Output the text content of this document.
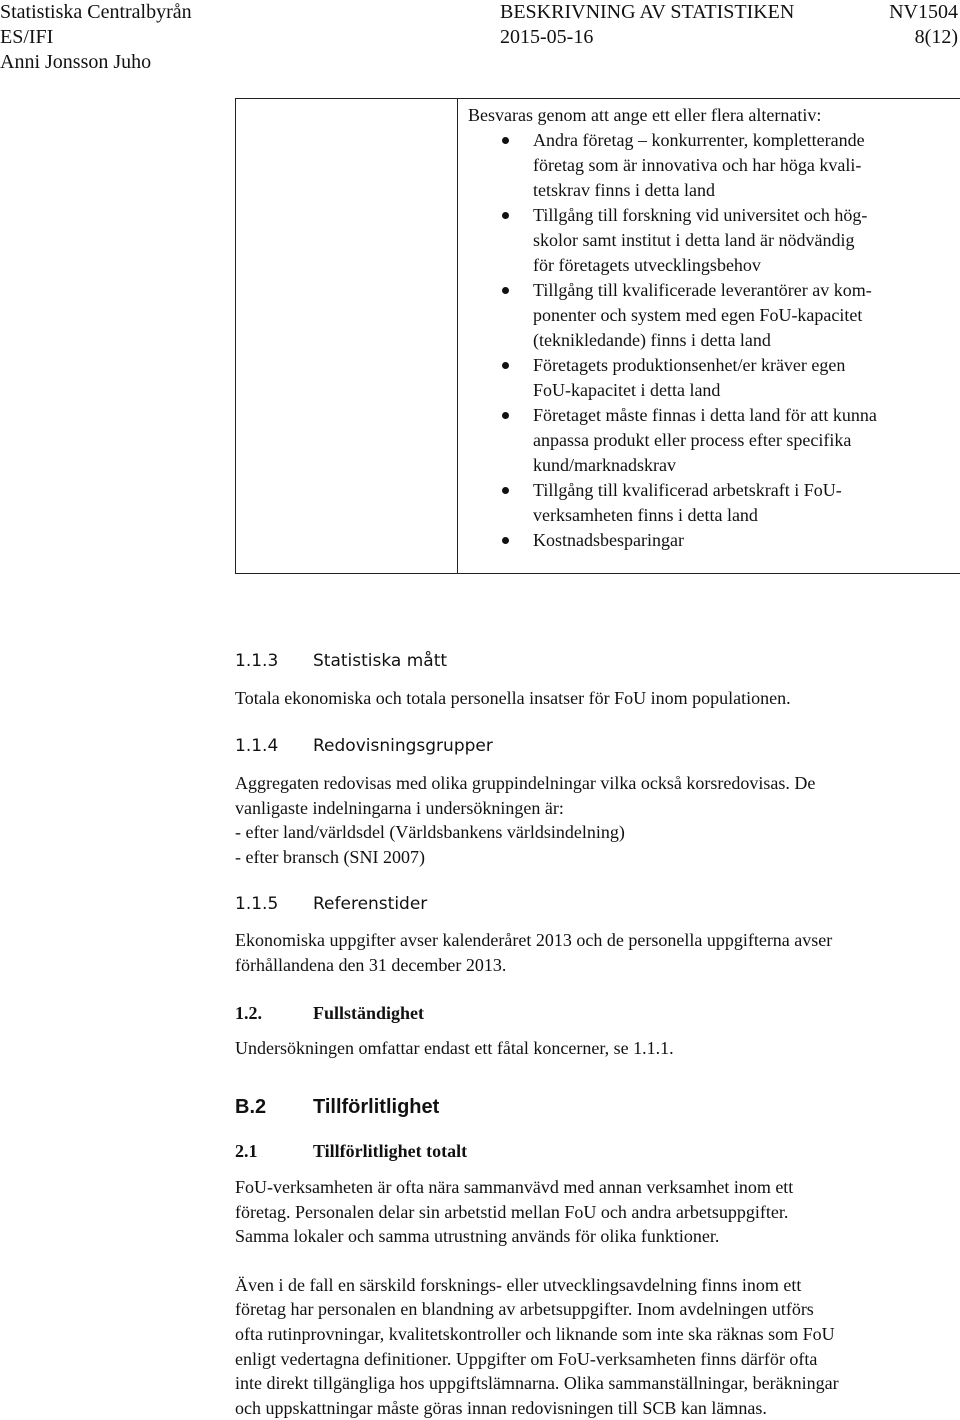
Statistiska Centralbyrån	BESKRIVNING AV STATISTIKEN	NV1504
ES/IFI	2015-05-16	8(12)
Anni Jonsson Juho
Besvaras genom att ange ett eller flera alternativ:
Andra företag – konkurrenter, kompletterande
företag som är innovativa och har höga kvali-
tetskrav finns i detta land
Tillgång till forskning vid universitet och hög-
skolor samt institut i detta land är nödvändig
för företagets utvecklingsbehov
Tillgång till kvalificerade leverantörer av kom-
ponenter och system med egen FoU-kapacitet
(teknikledande) finns i detta land
Företagets produktionsenhet/er kräver egen
FoU-kapacitet i detta land
Företaget måste finnas i detta land för att kunna
anpassa produkt eller process efter specifika
kund/marknadskrav
Tillgång till kvalificerad arbetskraft i FoU-
verksamheten finns i detta land
Kostnadsbesparingar
1.1.3 Statistiska mått

Totala ekonomiska och totala personella insatser för FoU inom populationen.

1.1.4 Redovisningsgrupper

Aggregaten redovisas med olika gruppindelningar vilka också korsredovisas. De

vanligaste indelningarna i undersökningen är:

- efter land/världsdel (Världsbankens världsindelning)

- efter bransch (SNI 2007)

1.1.5 Referenstider

Ekonomiska uppgifter avser kalenderåret 2013 och de personella uppgifterna avser

förhållandena den 31 december 2013.

1.2.	Fullständighet

Undersökningen omfattar endast ett fåtal koncerner, se 1.1.1.

B.2 Tillförlitlighet
2.1	Tillförlitlighet totalt

FoU-verksamheten är ofta nära sammanvävd med annan verksamhet inom ett

företag. Personalen delar sin arbetstid mellan FoU och andra arbetsuppgifter.

Samma lokaler och samma utrustning används för olika funktioner.

Även i de fall en särskild forsknings- eller utvecklingsavdelning finns inom ett

företag har personalen en blandning av arbetsuppgifter. Inom avdelningen utförs

ofta rutinprovningar, kvalitetskontroller och liknande som inte ska räknas som FoU

enligt vedertagna definitioner. Uppgifter om FoU-verksamheten finns därför ofta

inte direkt tillgängliga hos uppgiftslämnarna. Olika sammanställningar, beräkningar

och uppskattningar måste göras innan redovisningen till SCB kan lämnas.
